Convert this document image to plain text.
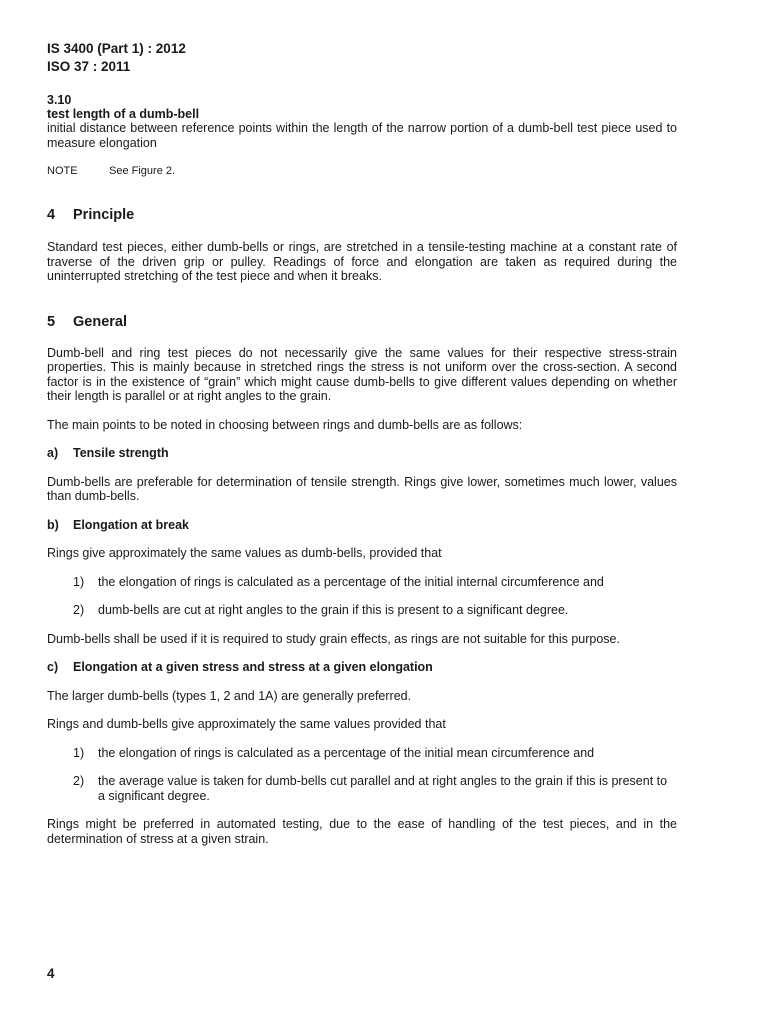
IS 3400 (Part 1) : 2012

ISO 37 : 2011

3.10

test length of a dumb-bell

initial distance between reference points within the length of the narrow portion of a dumb-bell test piece used to measure elongation

NOTE	See Figure 2.
4	Principle

Standard test pieces, either dumb-bells or rings, are stretched in a tensile-testing machine at a constant rate of traverse of the driven grip or pulley. Readings of force and elongation are taken as required during the uninterrupted stretching of the test piece and when it breaks.

5	General

Dumb-bell and ring test pieces do not necessarily give the same values for their respective stress-strain properties. This is mainly because in stretched rings the stress is not uniform over the cross-section. A second factor is in the existence of “grain” which might cause dumb-bells to give different values depending on whether their length is parallel or at right angles to the grain.

The main points to be noted in choosing between rings and dumb-bells are as follows:

a)	Tensile strength

Dumb-bells are preferable for determination of tensile strength. Rings give lower, sometimes much lower, values than dumb-bells.

b)	Elongation at break

Rings give approximately the same values as dumb-bells, provided that

1)	the elongation of rings is calculated as a percentage of the initial internal circumference and
2)	dumb-bells are cut at right angles to the grain if this is present to a significant degree.

Dumb-bells shall be used if it is required to study grain effects, as rings are not suitable for this purpose.

c)	Elongation at a given stress and stress at a given elongation

The larger dumb-bells (types 1, 2 and 1A) are generally preferred.

Rings and dumb-bells give approximately the same values provided that

1)	the elongation of rings is calculated as a percentage of the initial mean circumference and
2)	the average value is taken for dumb-bells cut parallel and at right angles to the grain if this is present to a significant degree.

Rings might be preferred in automated testing, due to the ease of handling of the test pieces, and in the determination of stress at a given strain.

4
